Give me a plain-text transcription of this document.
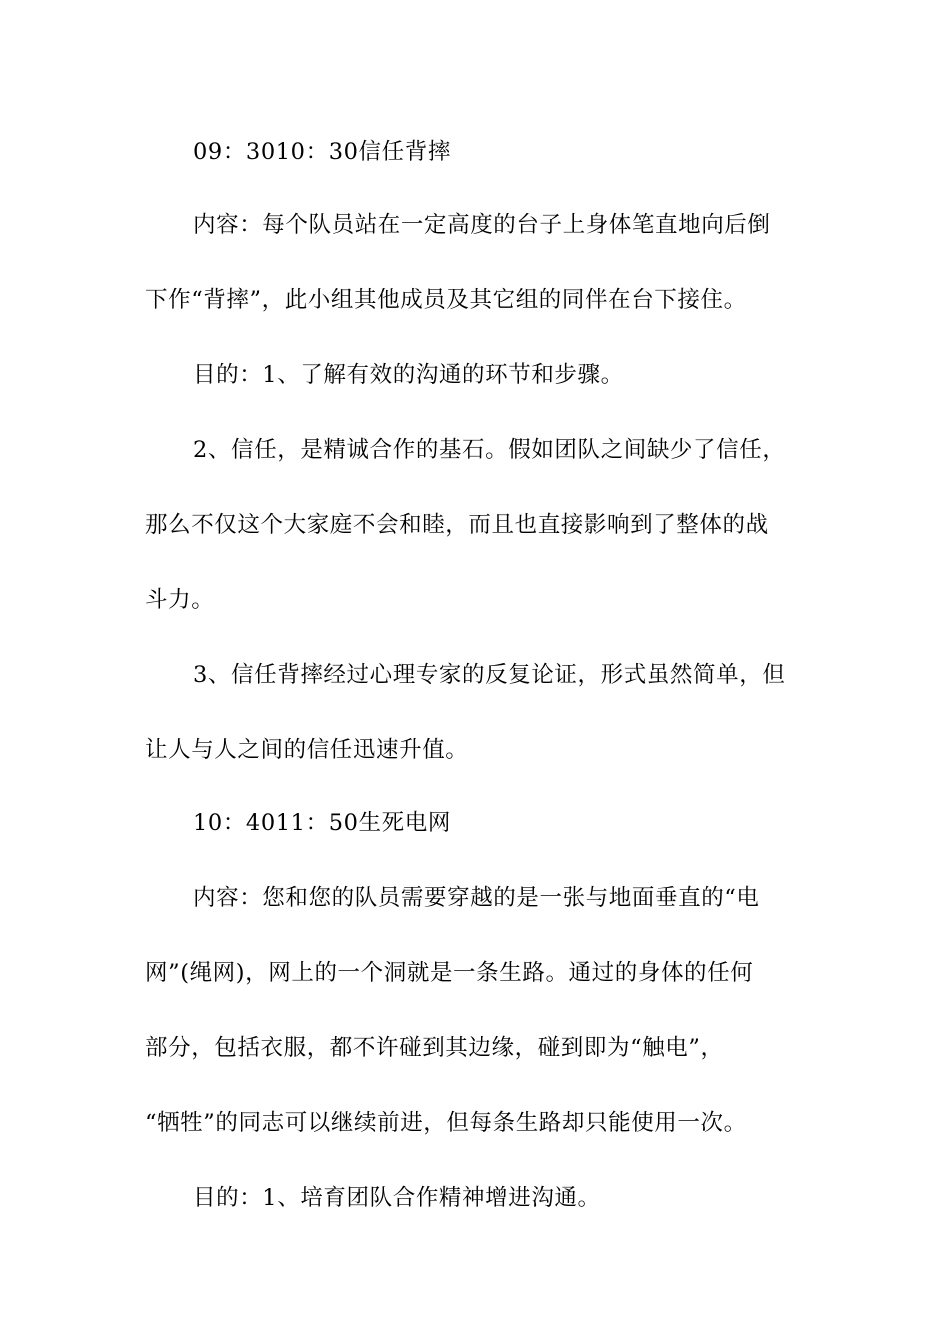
09：3010：30信任背摔
内容：每个队员站在一定高度的台子上身体笔直地向后倒
下作“背摔”，此小组其他成员及其它组的同伴在台下接住。
目的：1、了解有效的沟通的环节和步骤。
2、信任，是精诚合作的基石。假如团队之间缺少了信任，
那么不仅这个大家庭不会和睦，而且也直接影响到了整体的战
斗力。
3、信任背摔经过心理专家的反复论证，形式虽然简单，但
让人与人之间的信任迅速升值。
10：4011：50生死电网
内容：您和您的队员需要穿越的是一张与地面垂直的“电
网”(绳网)，网上的一个洞就是一条生路。通过的身体的任何
部分，包括衣服，都不许碰到其边缘，碰到即为“触电”，
“牺牲”的同志可以继续前进，但每条生路却只能使用一次。
目的：1、培育团队合作精神增进沟通。
